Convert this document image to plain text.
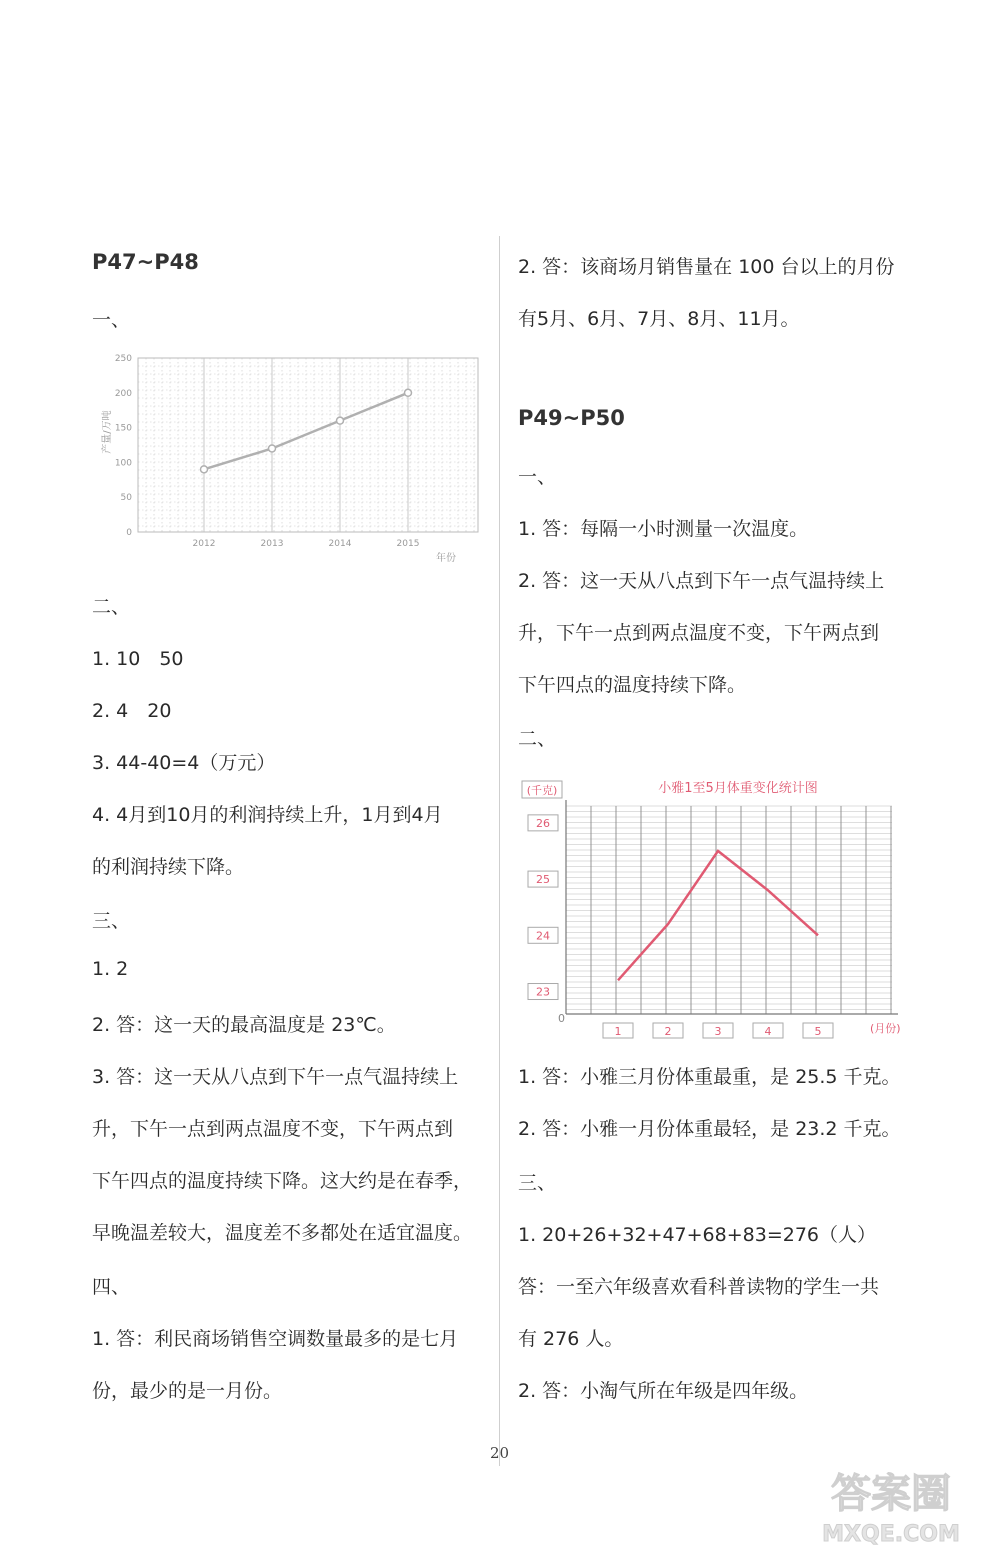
P47~P48
一、
0
50
100
150
200
250
2012	2013	2014	2015
产量/万吨
年份
二、
1. 10　50
2. 4　20
3. 44-40=4（万元）
4. 4月到10月的利润持续上升，1月到4月
的利润持续下降。
三、
1. 2
2. 答：这一天的最高温度是 23℃。
3. 答：这一天从八点到下午一点气温持续上
升，下午一点到两点温度不变，下午两点到
下午四点的温度持续下降。这大约是在春季，
早晚温差较大，温度差不多都处在适宜温度。
四、
1. 答：利民商场销售空调数量最多的是七月
份，最少的是一月份。
2. 答：该商场月销售量在 100 台以上的月份
有5月、6月、7月、8月、11月。
P49~P50
一、
1. 答：每隔一小时测量一次温度。
2. 答：这一天从八点到下午一点气温持续上
升，下午一点到两点温度不变，下午两点到
下午四点的温度持续下降。
二、
小雅1至5月体重变化统计图
(千克)
23
24
25
26
1	2	3	4	5	(月份)
0
1. 答：小雅三月份体重最重，是 25.5 千克。
2. 答：小雅一月份体重最轻，是 23.2 千克。
三、
1. 20+26+32+47+68+83=276（人）
答：一至六年级喜欢看科普读物的学生一共
有 276 人。
2. 答：小淘气所在年级是四年级。
20
答案圈
MXQE.COM
